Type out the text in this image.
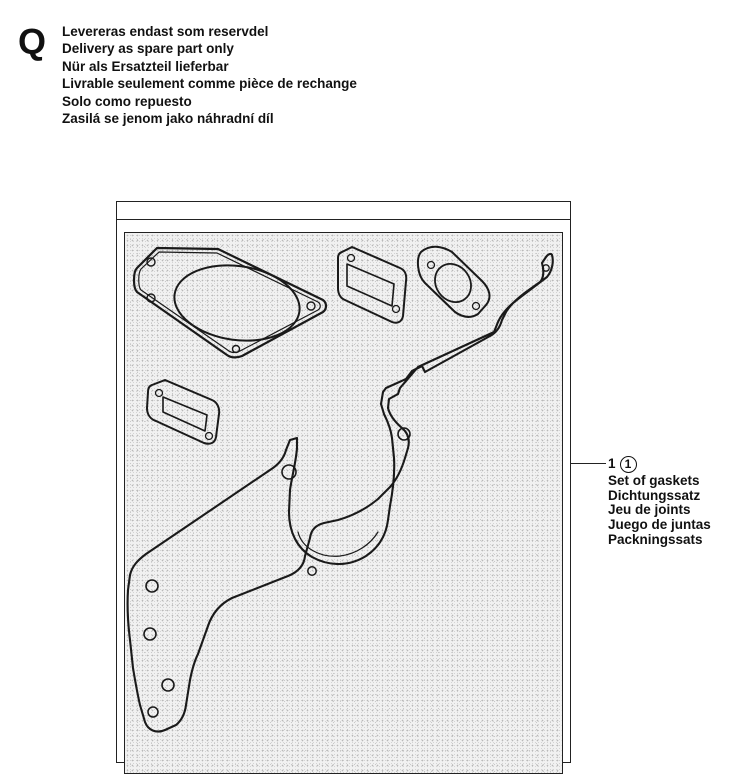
Q Levereras endast som reservdel
Delivery as spare part only
Nür als Ersatzteil lieferbar
Livrable seulement comme pièce de rechange
Solo como repuesto
Zasilá se jenom jako náhradní díl
1 1
Set of gaskets
Dichtungssatz
Jeu de joints
Juego de juntas
Packningssats
